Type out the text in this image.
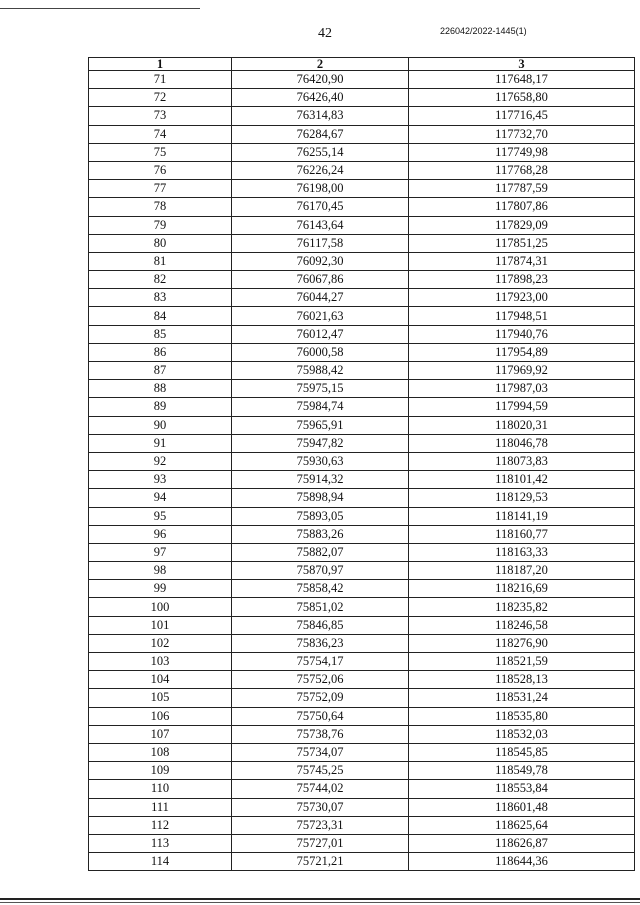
42	226042/2022-1445(1)
1	2	3
71	76420,90	117648,17
72	76426,40	117658,80
73	76314,83	117716,45
74	76284,67	117732,70
75	76255,14	117749,98
76	76226,24	117768,28
77	76198,00	117787,59
78	76170,45	117807,86
79	76143,64	117829,09
80	76117,58	117851,25
81	76092,30	117874,31
82	76067,86	117898,23
83	76044,27	117923,00
84	76021,63	117948,51
85	76012,47	117940,76
86	76000,58	117954,89
87	75988,42	117969,92
88	75975,15	117987,03
89	75984,74	117994,59
90	75965,91	118020,31
91	75947,82	118046,78
92	75930,63	118073,83
93	75914,32	118101,42
94	75898,94	118129,53
95	75893,05	118141,19
96	75883,26	118160,77
97	75882,07	118163,33
98	75870,97	118187,20
99	75858,42	118216,69
100	75851,02	118235,82
101	75846,85	118246,58
102	75836,23	118276,90
103	75754,17	118521,59
104	75752,06	118528,13
105	75752,09	118531,24
106	75750,64	118535,80
107	75738,76	118532,03
108	75734,07	118545,85
109	75745,25	118549,78
110	75744,02	118553,84
111	75730,07	118601,48
112	75723,31	118625,64
113	75727,01	118626,87
114	75721,21	118644,36
